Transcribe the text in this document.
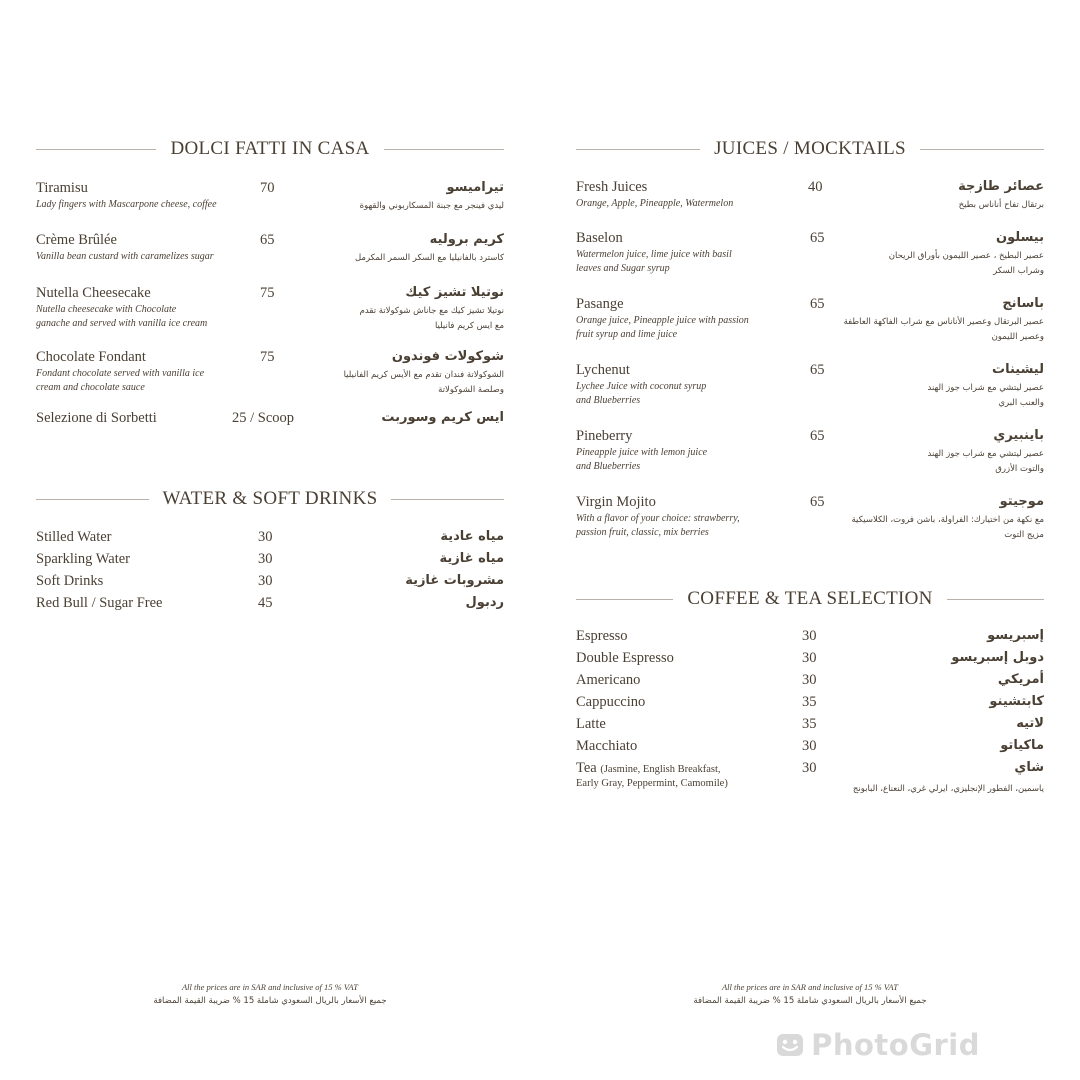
DOLCI FATTI IN CASA
Tiramisu
Lady fingers with Mascarpone cheese, coffee
70	تيراميسو
ليدي فينجر مع جبنة المسكاربوني والقهوة
Crème Brûlée
Vanilla bean custard with caramelizes sugar
65	كريم بروليه
كاسترد بالفانيليا مع السكر السمر المكرمل
Nutella Cheesecake
Nutella cheesecake with Chocolate
ganache and served with vanilla ice cream
75	نوتيلا تشيز كيك
نوتيلا تشيز كيك مع جاناش شوكولاتة تقدم
مع ايس كريم فانيليا
Chocolate Fondant
Fondant chocolate served with vanilla ice
cream and chocolate sauce
75	شوكولات فوندون
الشوكولاتة فندان تقدم مع الأيس كريم الفانيليا
وصلصة الشوكولاتة
Selezione di Sorbetti	25 / Scoop	ايس كريم وسوربت
WATER & SOFT DRINKS
Stilled Water	30	مياه عادية
Sparkling Water	30	مياه غازية
Soft Drinks	30	مشروبات غازية
Red Bull / Sugar Free	45	ردبول
All the prices are in SAR and inclusive of 15 % VAT
جميع الأسعار بالريال السعودي شاملة 15 % ضريبة القيمة المضافة
JUICES / MOCKTAILS
Fresh Juices
Orange, Apple, Pineapple, Watermelon
40	عصائر طازجة
برتقال تفاح أناناس بطيخ
Baselon
Watermelon juice, lime juice with basil
leaves and Sugar syrup
65	بيسلون
عصير البطيخ ، عصير الليمون بأوراق الريحان
وشراب السكر
Pasange
Orange juice, Pineapple juice with passion
fruit syrup and lime juice
65	باسانج
عصير البرتقال وعصير الأناناس مع شراب الفاكهة العاطفة
وعصير الليمون
Lychenut
Lychee Juice with coconut syrup
and Blueberries
65	ليشينات
عصير ليتشي مع شراب جوز الهند
والعنب البري
Pineberry
Pineapple juice with lemon juice
and Blueberries
65	باينبيري
عصير ليتشي مع شراب جوز الهند
والتوت الأزرق
Virgin Mojito
With a flavor of your choice: strawberry,
passion fruit, classic, mix berries
65	موجيتو
مع نكهة من اختيارك: الفراولة، باشن فروت، الكلاسيكية
مزيج التوت
COFFEE & TEA SELECTION
Espresso	30	إسبريسو
Double Espresso	30	دوبل إسبريسو
Americano	30	أمريكي
Cappuccino	35	كابتشينو
Latte	35	لاتيه
Macchiato	30	ماكياتو
Tea (Jasmine, English Breakfast,
Early Gray, Peppermint, Camomile)
30	شاي
ياسمين، الفطور الإنجليزي، ايرلي غري، النعناع، البابونج
All the prices are in SAR and inclusive of 15 % VAT
جميع الأسعار بالريال السعودي شاملة 15 % ضريبة القيمة المضافة
PhotoGrid
